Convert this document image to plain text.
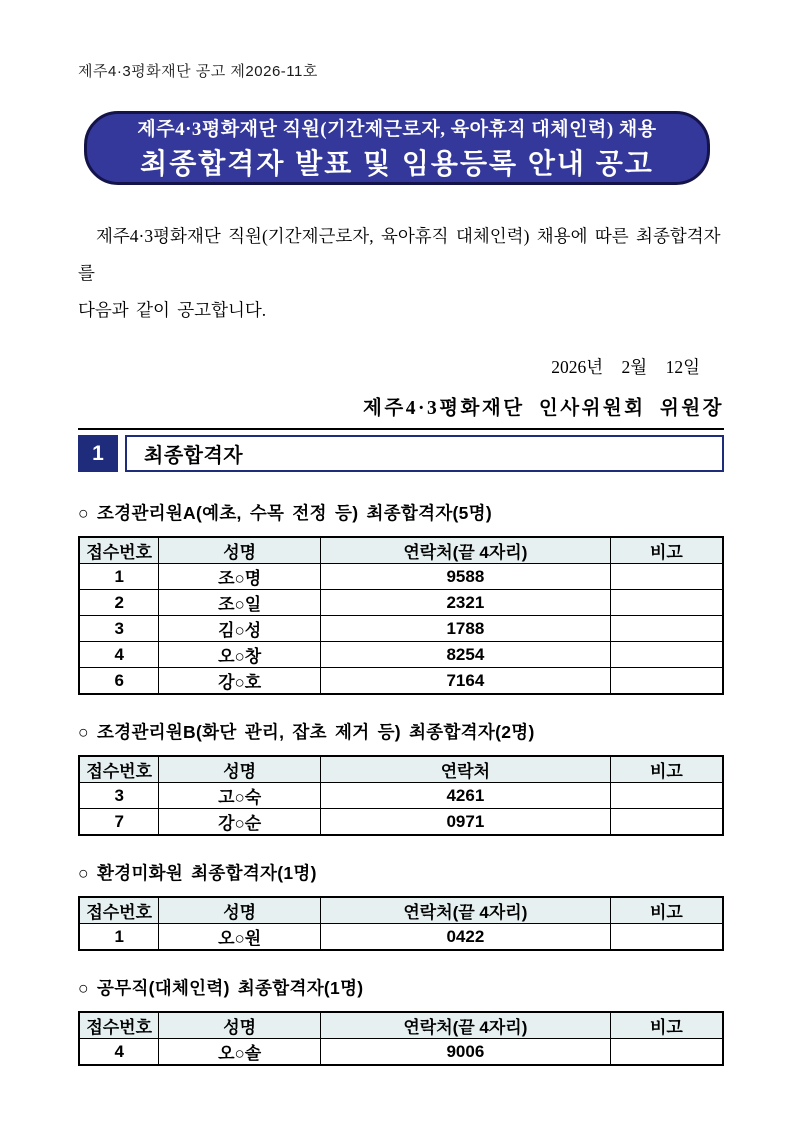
제주4·3평화재단 공고 제2026-11호
제주4·3평화재단 직원(기간제근로자, 육아휴직 대체인력) 채용
최종합격자 발표 및 임용등록 안내 공고
제주4·3평화재단 직원(기간제근로자, 육아휴직 대체인력) 채용에 따른 최종합격자를
다음과 같이 공고합니다.
2026년 2월 12일
제주4·3평화재단 인사위원회 위원장
1	최종합격자
○ 조경관리원A(예초, 수목 전정 등) 최종합격자(5명)
접수번호	성명	연락처(끝 4자리)	비고
1	조○명	9588	
2	조○일	2321	
3	김○성	1788	
4	오○창	8254	
6	강○호	7164	
○ 조경관리원B(화단 관리, 잡초 제거 등) 최종합격자(2명)
접수번호	성명	연락처	비고
3	고○숙	4261	
7	강○순	0971	
○ 환경미화원 최종합격자(1명)
접수번호	성명	연락처(끝 4자리)	비고
1	오○원	0422	
○ 공무직(대체인력) 최종합격자(1명)
접수번호	성명	연락처(끝 4자리)	비고
4	오○솔	9006	
